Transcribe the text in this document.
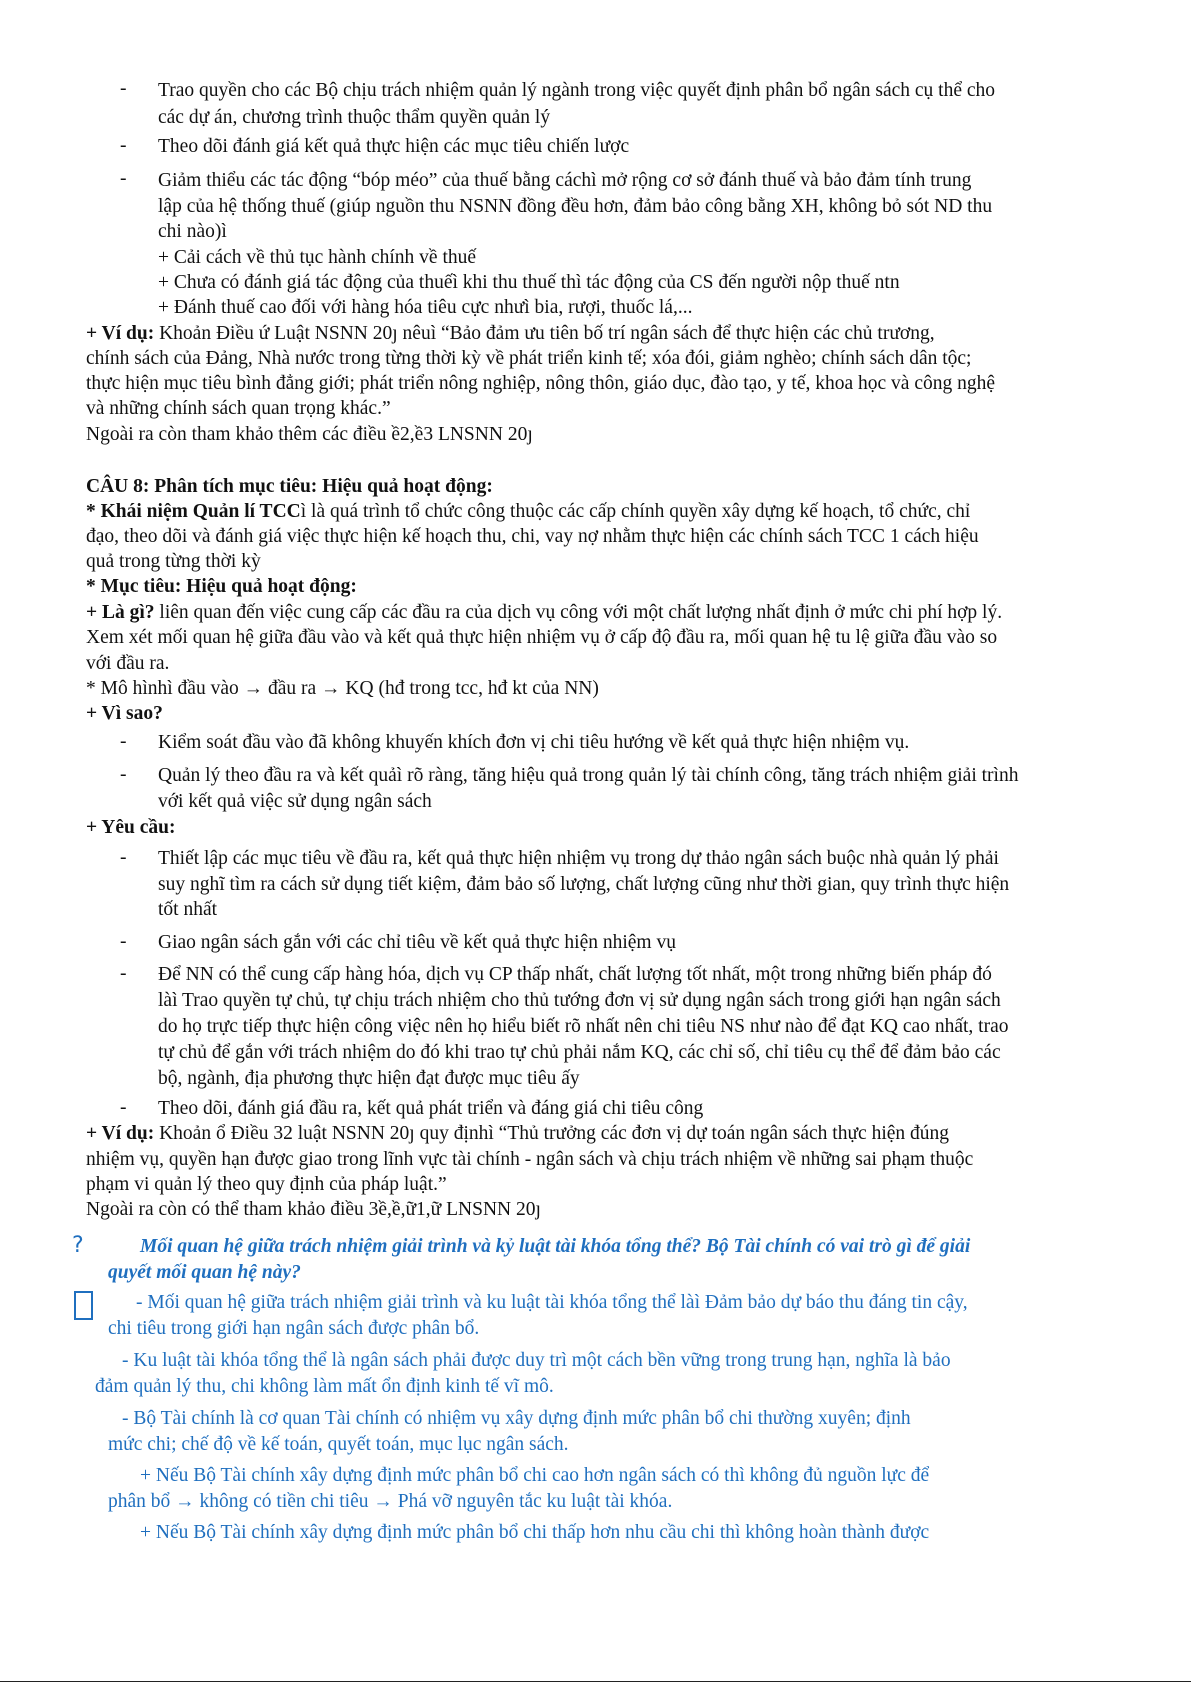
- Trao quyền cho các Bộ chịu trách nhiệm quản lý ngành trong việc quyết định phân bổ ngân sách cụ thể cho
các dự án, chương trình thuộc thẩm quyền quản lý
- Theo dõi đánh giá kết quả thực hiện các mục tiêu chiến lược
- Giảm thiểu các tác động “bóp méo” của thuế bằng cáchì mở rộng cơ sở đánh thuế và bảo đảm tính trung
lập của hệ thống thuế (giúp nguồn thu NSNN đồng đều hơn, đảm bảo công bằng XH, không bỏ sót ND thu
chi nào)ì
+ Cải cách về thủ tục hành chính về thuế
+ Chưa có đánh giá tác động của thuếì khi thu thuế thì tác động của CS đến người nộp thuế ntn
+ Đánh thuế cao đối với hàng hóa tiêu cực nhưì bia, rượi, thuốc lá,...
+ Ví dụ: Khoản Điều ứ Luật NSNN 20ȷ nêuì “Bảo đảm ưu tiên bố trí ngân sách để thực hiện các chủ trương,
chính sách của Đảng, Nhà nước trong từng thời kỳ về phát triển kinh tế; xóa đói, giảm nghèo; chính sách dân tộc;
thực hiện mục tiêu bình đẳng giới; phát triển nông nghiệp, nông thôn, giáo dục, đào tạo, y tế, khoa học và công nghệ
và những chính sách quan trọng khác.”
Ngoài ra còn tham khảo thêm các điều ề2,ề3 LNSNN 20ȷ
CÂU 8: Phân tích mục tiêu: Hiệu quả hoạt động:
* Khái niệm Quản lí TCCì là quá trình tổ chức công thuộc các cấp chính quyền xây dựng kế hoạch, tổ chức, chỉ
đạo, theo dõi và đánh giá việc thực hiện kế hoạch thu, chi, vay nợ nhằm thực hiện các chính sách TCC 1 cách hiệu
quả trong từng thời kỳ
* Mục tiêu: Hiệu quả hoạt động:
+ Là gì? liên quan đến việc cung cấp các đầu ra của dịch vụ công với một chất lượng nhất định ở mức chi phí hợp lý.
Xem xét mối quan hệ giữa đầu vào và kết quả thực hiện nhiệm vụ ở cấp độ đầu ra, mối quan hệ tu lệ giữa đầu vào so
với đầu ra.
* Mô hìnhì đầu vào → đầu ra → KQ (hđ trong tcc, hđ kt của NN)
+ Vì sao?
- Kiểm soát đầu vào đã không khuyến khích đơn vị chi tiêu hướng về kết quả thực hiện nhiệm vụ.
- Quản lý theo đầu ra và kết quảì rõ ràng, tăng hiệu quả trong quản lý tài chính công, tăng trách nhiệm giải trình
với kết quả việc sử dụng ngân sách
+ Yêu cầu:
- Thiết lập các mục tiêu về đầu ra, kết quả thực hiện nhiệm vụ trong dự thảo ngân sách buộc nhà quản lý phải
suy nghĩ tìm ra cách sử dụng tiết kiệm, đảm bảo số lượng, chất lượng cũng như thời gian, quy trình thực hiện
tốt nhất
- Giao ngân sách gắn với các chỉ tiêu về kết quả thực hiện nhiệm vụ
- Để NN có thể cung cấp hàng hóa, dịch vụ CP thấp nhất, chất lượng tốt nhất, một trong những biến pháp đó
làì Trao quyền tự chủ, tự chịu trách nhiệm cho thủ tướng đơn vị sử dụng ngân sách trong giới hạn ngân sách
do họ trực tiếp thực hiện công việc nên họ hiểu biết rõ nhất nên chi tiêu NS như nào để đạt KQ cao nhất, trao
tự chủ để gắn với trách nhiệm do đó khi trao tự chủ phải nắm KQ, các chỉ số, chỉ tiêu cụ thể để đảm bảo các
bộ, ngành, địa phương thực hiện đạt được mục tiêu ấy
- Theo dõi, đánh giá đầu ra, kết quả phát triển và đáng giá chi tiêu công
+ Ví dụ: Khoản ổ Điều 32 luật NSNN 20ȷ quy địnhì “Thủ trưởng các đơn vị dự toán ngân sách thực hiện đúng
nhiệm vụ, quyền hạn được giao trong lĩnh vực tài chính - ngân sách và chịu trách nhiệm về những sai phạm thuộc
phạm vi quản lý theo quy định của pháp luật.”
Ngoài ra còn có thể tham khảo điều 3ề,ề,ữ1,ữ LNSNN 20ȷ
?	Mối quan hệ giữa trách nhiệm giải trình và kỷ luật tài khóa tổng thể? Bộ Tài chính có vai trò gì để giải
quyết mối quan hệ này?
- Mối quan hệ giữa trách nhiệm giải trình và ku luật tài khóa tổng thể làì Đảm bảo dự báo thu đáng tin cậy,
chi tiêu trong giới hạn ngân sách được phân bổ.
- Ku luật tài khóa tổng thể là ngân sách phải được duy trì một cách bền vững trong trung hạn, nghĩa là bảo
đảm quản lý thu, chi không làm mất ổn định kinh tế vĩ mô.
- Bộ Tài chính là cơ quan Tài chính có nhiệm vụ xây dựng định mức phân bổ chi thường xuyên; định
mức chi; chế độ về kế toán, quyết toán, mục lục ngân sách.
+ Nếu Bộ Tài chính xây dựng định mức phân bổ chi cao hơn ngân sách có thì không đủ nguồn lực để
phân bổ → không có tiền chi tiêu → Phá vỡ nguyên tắc ku luật tài khóa.
+ Nếu Bộ Tài chính xây dựng định mức phân bổ chi thấp hơn nhu cầu chi thì không hoàn thành được
